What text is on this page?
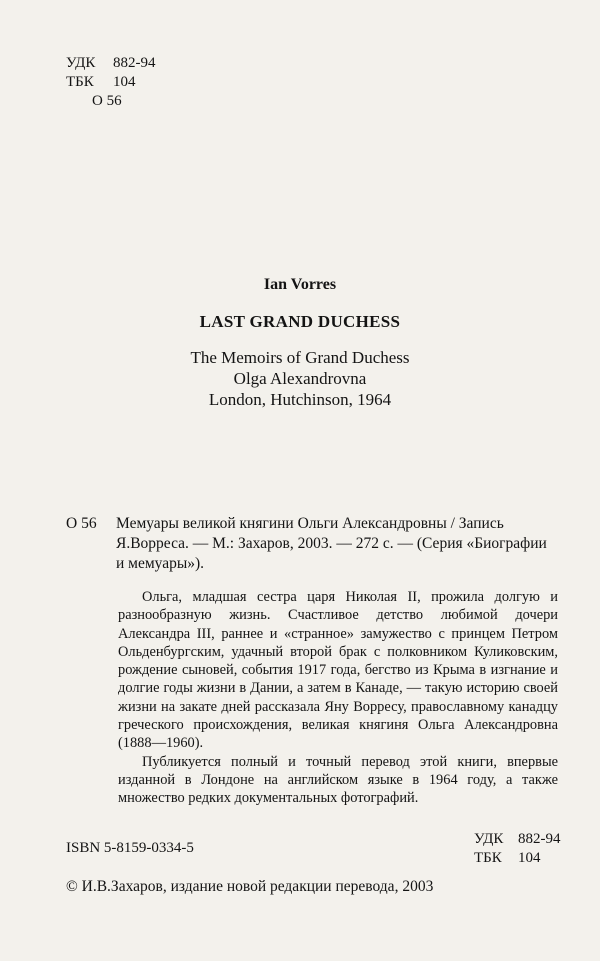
УДК	882-94
ТБК	104
О 56
Ian Vorres
LAST GRAND DUCHESS
The Memoirs of Grand Duchess
Olga Alexandrovna
London, Hutchinson, 1964
О 56	Мемуары великой княгини Ольги Александровны / Запись
Я.Ворреса. — М.: Захаров, 2003. — 272 с. — (Серия «Биографии и мемуары»).

Ольга, младшая сестра царя Николая II, прожила долгую и разнообразную жизнь. Счастливое детство любимой дочери Александра III, раннее и «странное» замужество с принцем Петром Ольденбургским, удачный второй брак с полковником Куликовским, рождение сыновей, события 1917 года, бегство из Крыма в изгнание и долгие годы жизни в Дании, а затем в Канаде, — такую историю своей жизни на закате дней рассказала Яну Ворресу, православному канадцу греческого происхождения, великая княгиня Ольга Александровна (1888—1960).

Публикуется полный и точный перевод этой книги, впервые изданной в Лондоне на английском языке в 1964 году, а также множество редких документальных фотографий.

ISBN 5-8159-0334-5
УДК 882-94
ТБК	104
© И.В.Захаров, издание новой редакции перевода, 2003
